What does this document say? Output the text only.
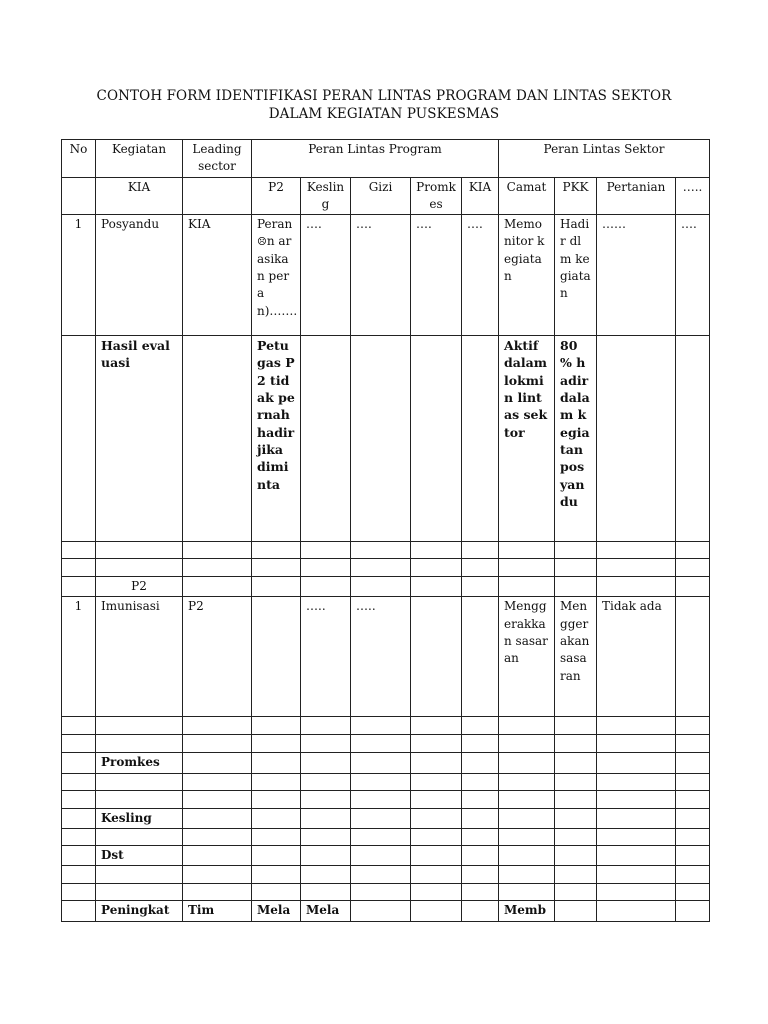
CONTOH FORM IDENTIFIKASI PERAN LINTAS PROGRAM DAN LINTAS SEKTOR
DALAM KEGIATAN PUSKESMAS
No	Kegiatan	Leading sector	Peran Lintas Program					Peran Lintas Sektor			
	KIA		P2	Kesling	Gizi	Promkes	KIA	Camat	PKK	Pertanian	…..
1	Posyandu	KIA	Peran☹n arasikan peran)…….	….	….	….	….	Memonitor kegiatan	Hadir dlm kegiatan	……	….
	Hasil evaluasi		Petugas P2 tidak pernah hadir jika diminta					Aktif dalam lokmin lintas sektor	80 % hadir dalam kegiatan posyandu		

	P2										
1	Imunisasi	P2		…..	…..			Menggerakkan sasaran	Menggerakan sasaran	Tidak ada	

	Promkes										

	Kesling										

	Dst										

	Peningkat	Tim	Mela	Mela				Memb			
